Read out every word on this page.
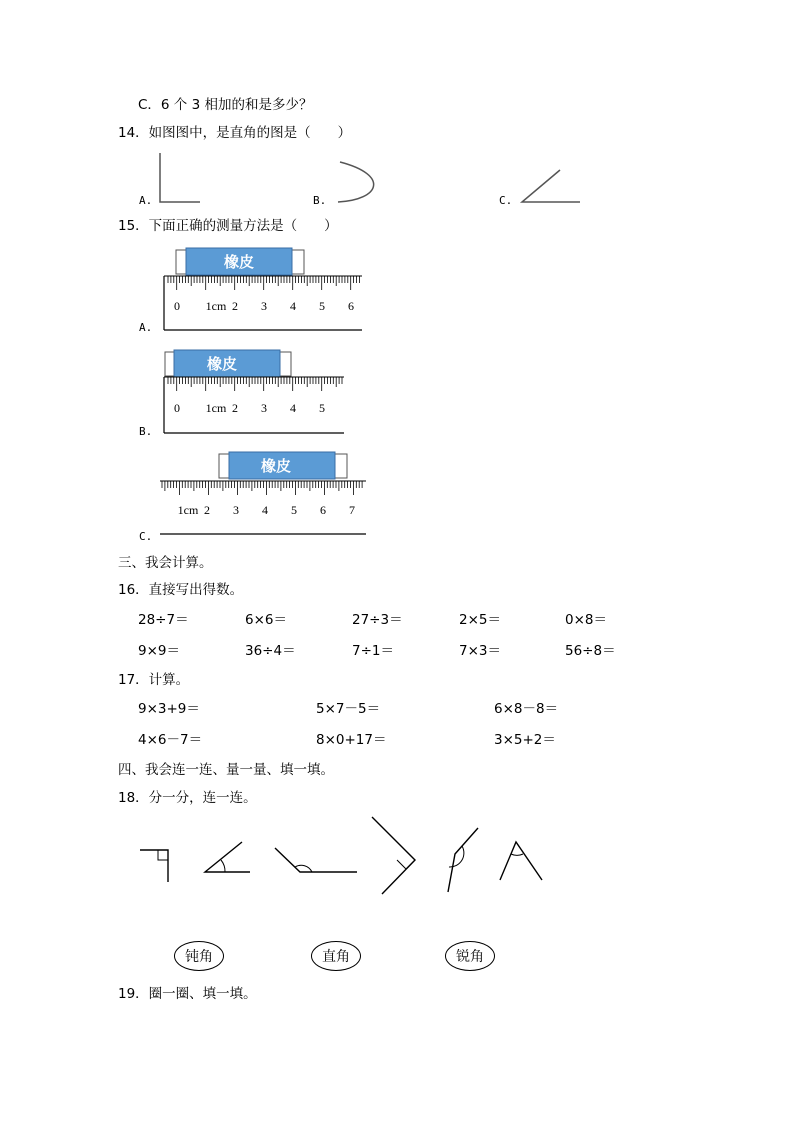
C．6 个 3 相加的和是多少？
14．如图图中，是直角的图是（　　）
A.	B.	C.
15．下面正确的测量方法是（　　）
橡皮
0 1cm 2 3 4 5 6
A.
橡皮
0 1cm 2 3 4 5
B.
橡皮
1cm 2 3 4 5 6 7
C.
三、我会计算。
16．直接写出得数。
28÷7＝	6×6＝	27÷3＝	2×5＝	0×8＝
9×9＝	36÷4＝	7÷1＝	7×3＝	56÷8＝
17．计算。
9×3+9＝	5×7－5＝	6×8－8＝
4×6－7＝	8×0+17＝	3×5+2＝
四、我会连一连、量一量、填一填。
18．分一分，连一连。
钝角	直角	锐角
19．圈一圈、填一填。
